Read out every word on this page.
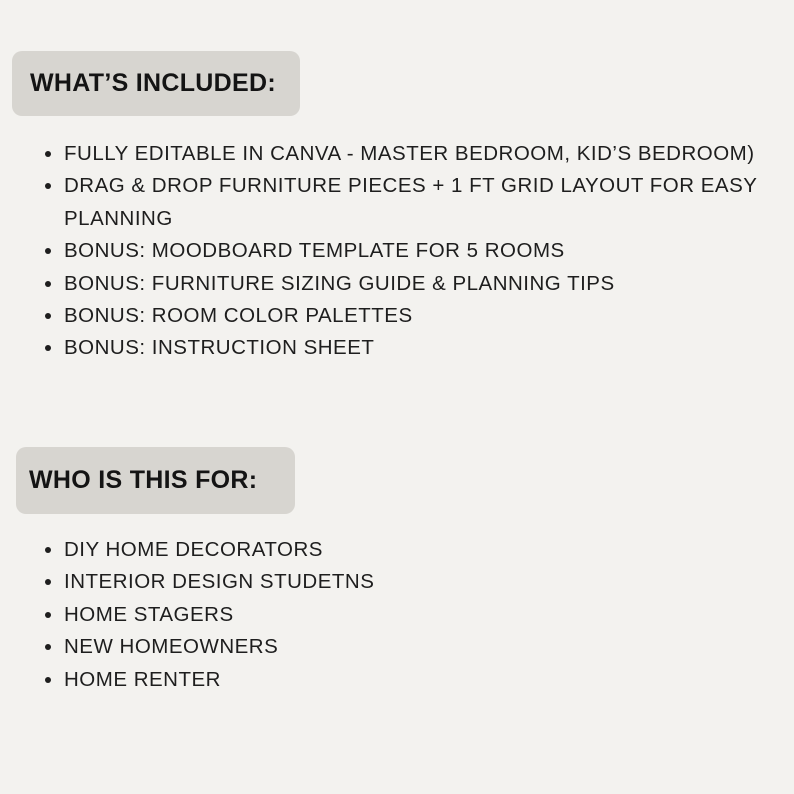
WHAT’S INCLUDED:
FULLY EDITABLE IN CANVA - MASTER BEDROOM, KID’S BEDROOM)
DRAG & DROP FURNITURE PIECES + 1 FT GRID LAYOUT FOR EASY PLANNING
BONUS: MOODBOARD TEMPLATE FOR 5 ROOMS
BONUS: FURNITURE SIZING GUIDE & PLANNING TIPS
BONUS: ROOM COLOR PALETTES
BONUS: INSTRUCTION SHEET
WHO IS THIS FOR:
DIY HOME DECORATORS
INTERIOR DESIGN STUDETNS
HOME STAGERS
NEW HOMEOWNERS
HOME RENTER
